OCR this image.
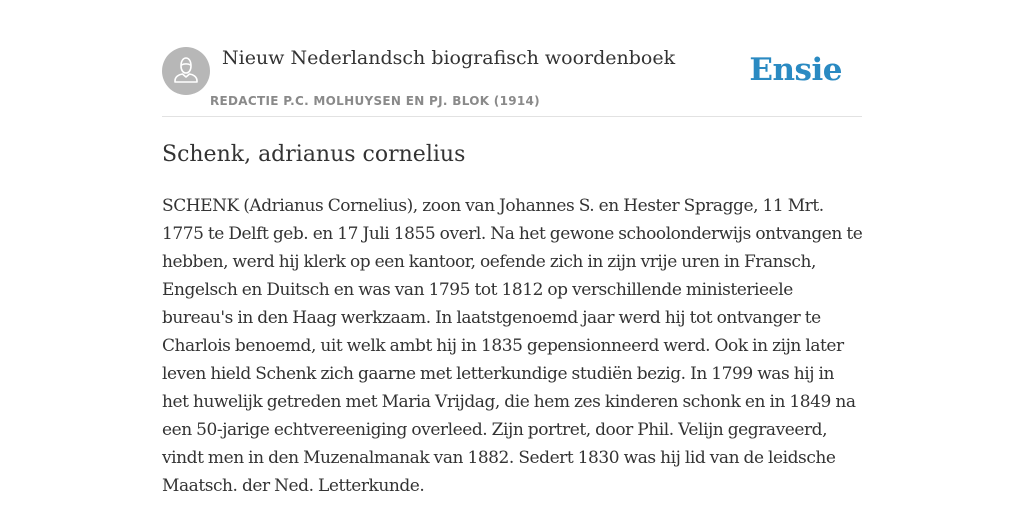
Nieuw Nederlandsch biografisch woordenboek
REDACTIE P.C. MOLHUYSEN EN PJ. BLOK (1914)
Ensie
Schenk, adrianus cornelius

SCHENK (Adrianus Cornelius), zoon van Johannes S. en Hester Spragge, 11 Mrt. 1775 te Delft geb. en 17 Juli 1855 overl. Na het gewone schoolonderwijs ontvangen te hebben, werd hij klerk op een kantoor, oefende zich in zijn vrije uren in Fransch, Engelsch en Duitsch en was van 1795 tot 1812 op verschillende ministerieele bureau's in den Haag werkzaam. In laatstgenoemd jaar werd hij tot ontvanger te Charlois benoemd, uit welk ambt hij in 1835 gepensionneerd werd. Ook in zijn later leven hield Schenk zich gaarne met letterkundige studiën bezig. In 1799 was hij in het huwelijk getreden met Maria Vrijdag, die hem zes kinderen schonk en in 1849 na een 50-jarige echtvereeniging overleed. Zijn portret, door Phil. Velijn gegraveerd, vindt men in den Muzenalmanak van 1882. Sedert 1830 was hij lid van de leidsche Maatsch. der Ned. Letterkunde.
